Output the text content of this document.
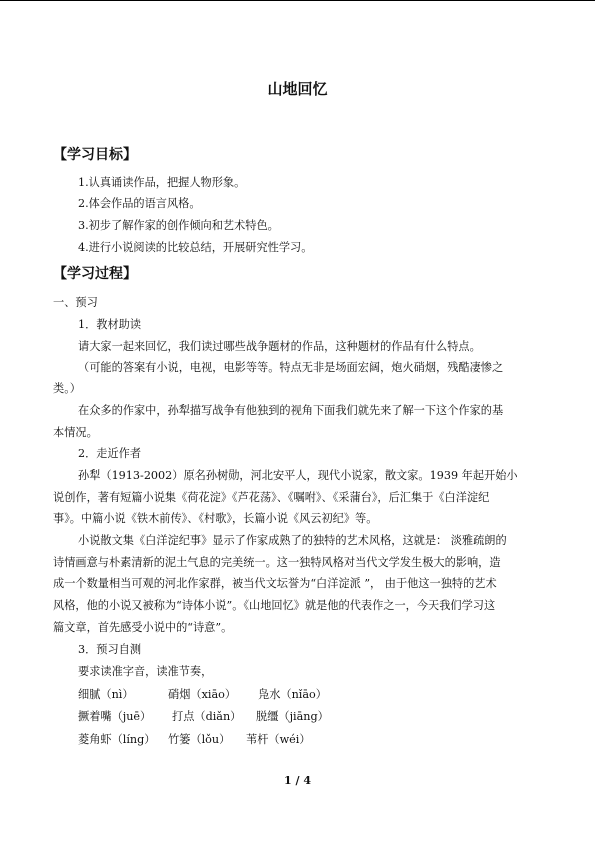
山地回忆
【学习目标】
1.认真诵读作品，把握人物形象。
2.体会作品的语言风格。
3.初步了解作家的创作倾向和艺术特色。
4.进行小说阅读的比较总结，开展研究性学习。
【学习过程】
一、预习
1．教材助读
请大家一起来回忆，我们读过哪些战争题材的作品，这种题材的作品有什么特点。
（可能的答案有小说，电视，电影等等。特点无非是场面宏阔，炮火硝烟，残酷凄惨之
类。）
在众多的作家中，孙犁描写战争有他独到的视角下面我们就先来了解一下这个作家的基
本情况。
2．走近作者
孙犁（1913-2002）原名孙树勋，河北安平人，现代小说家，散文家。1939 年起开始小
说创作，著有短篇小说集《荷花淀》《芦花荡》、《嘱咐》、《采蒲台》，后汇集于《白洋淀纪
事》。中篇小说《铁木前传》、《村歌》，长篇小说《风云初纪》等。
小说散文集《白洋淀纪事》显示了作家成熟了的独特的艺术风格，这就是： 淡雅疏朗的
诗情画意与朴素清新的泥土气息的完美统一。这一独特风格对当代文学发生极大的影响，造
成一个数量相当可观的河北作家群，被当代文坛誉为“白洋淀派 ”， 由于他这一独特的艺术
风格，他的小说又被称为“诗体小说”。《山地回忆》就是他的代表作之一，今天我们学习这
篇文章，首先感受小说中的“诗意”。
3．预习自测
要求读准字音，读准节奏，
细腻（nì）	硝烟（xiāo） 凫水（nǐāo）
撅着嘴（juē） 打点（diǎn） 脱缰（jiāng）
菱角虾（líng） 竹篓（lǒu） 苇杆（wéi）
1 / 4
